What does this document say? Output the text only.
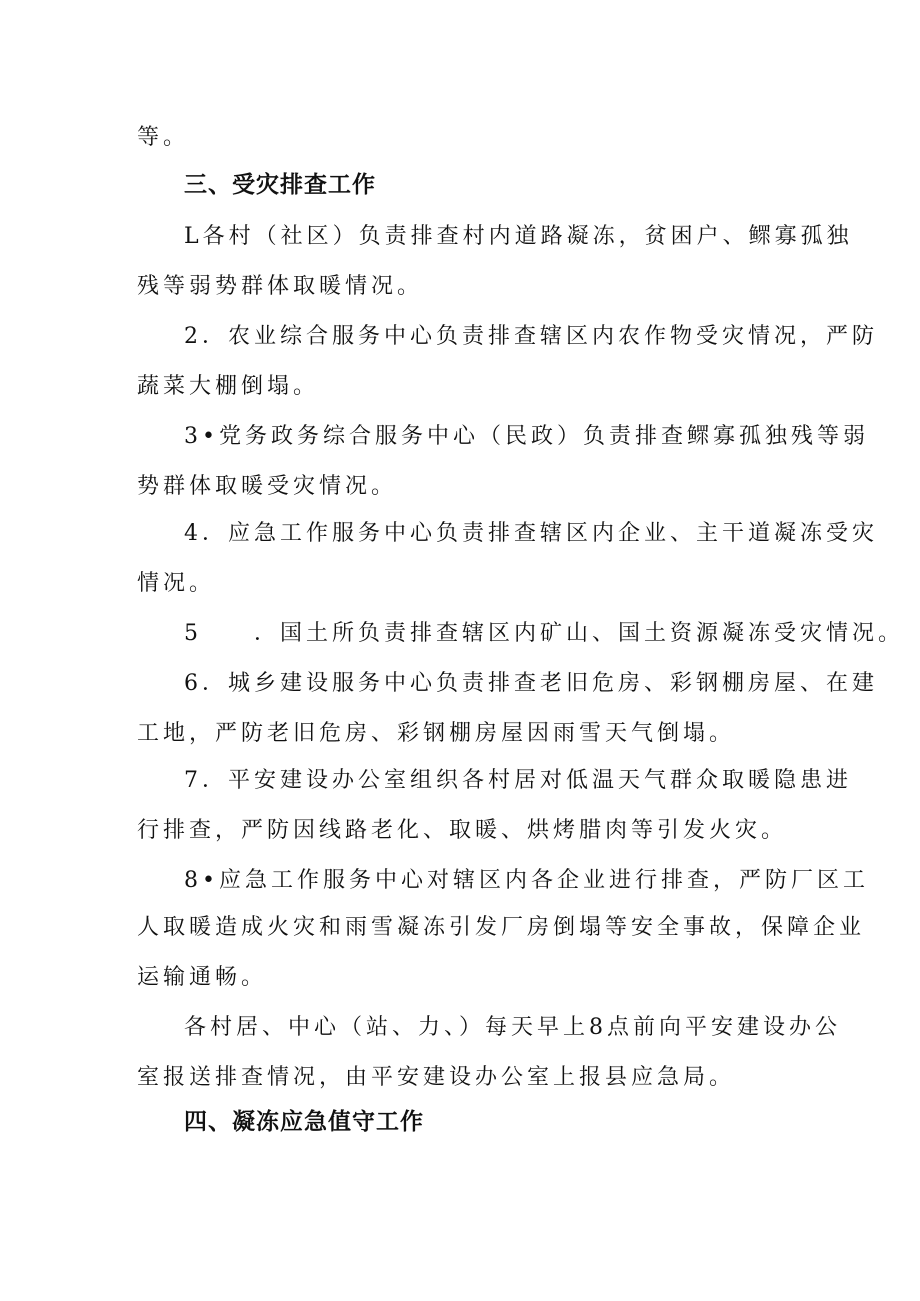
等。
三、受灾排查工作
L各村（社区）负责排查村内道路凝冻，贫困户、鳏寡孤独
残等弱势群体取暖情况。
2．农业综合服务中心负责排查辖区内农作物受灾情况，严防
蔬菜大棚倒塌。
3•党务政务综合服务中心（民政）负责排查鳏寡孤独残等弱
势群体取暖受灾情况。
4．应急工作服务中心负责排查辖区内企业、主干道凝冻受灾
情况。
5　　．国土所负责排查辖区内矿山、国土资源凝冻受灾情况。
6．城乡建设服务中心负责排查老旧危房、彩钢棚房屋、在建
工地，严防老旧危房、彩钢棚房屋因雨雪天气倒塌。
7．平安建设办公室组织各村居对低温天气群众取暖隐患进
行排查，严防因线路老化、取暖、烘烤腊肉等引发火灾。
8•应急工作服务中心对辖区内各企业进行排查，严防厂区工
人取暖造成火灾和雨雪凝冻引发厂房倒塌等安全事故，保障企业
运输通畅。
各村居、中心（站、力、）每天早上8点前向平安建设办公
室报送排查情况，由平安建设办公室上报县应急局。
四、凝冻应急值守工作
